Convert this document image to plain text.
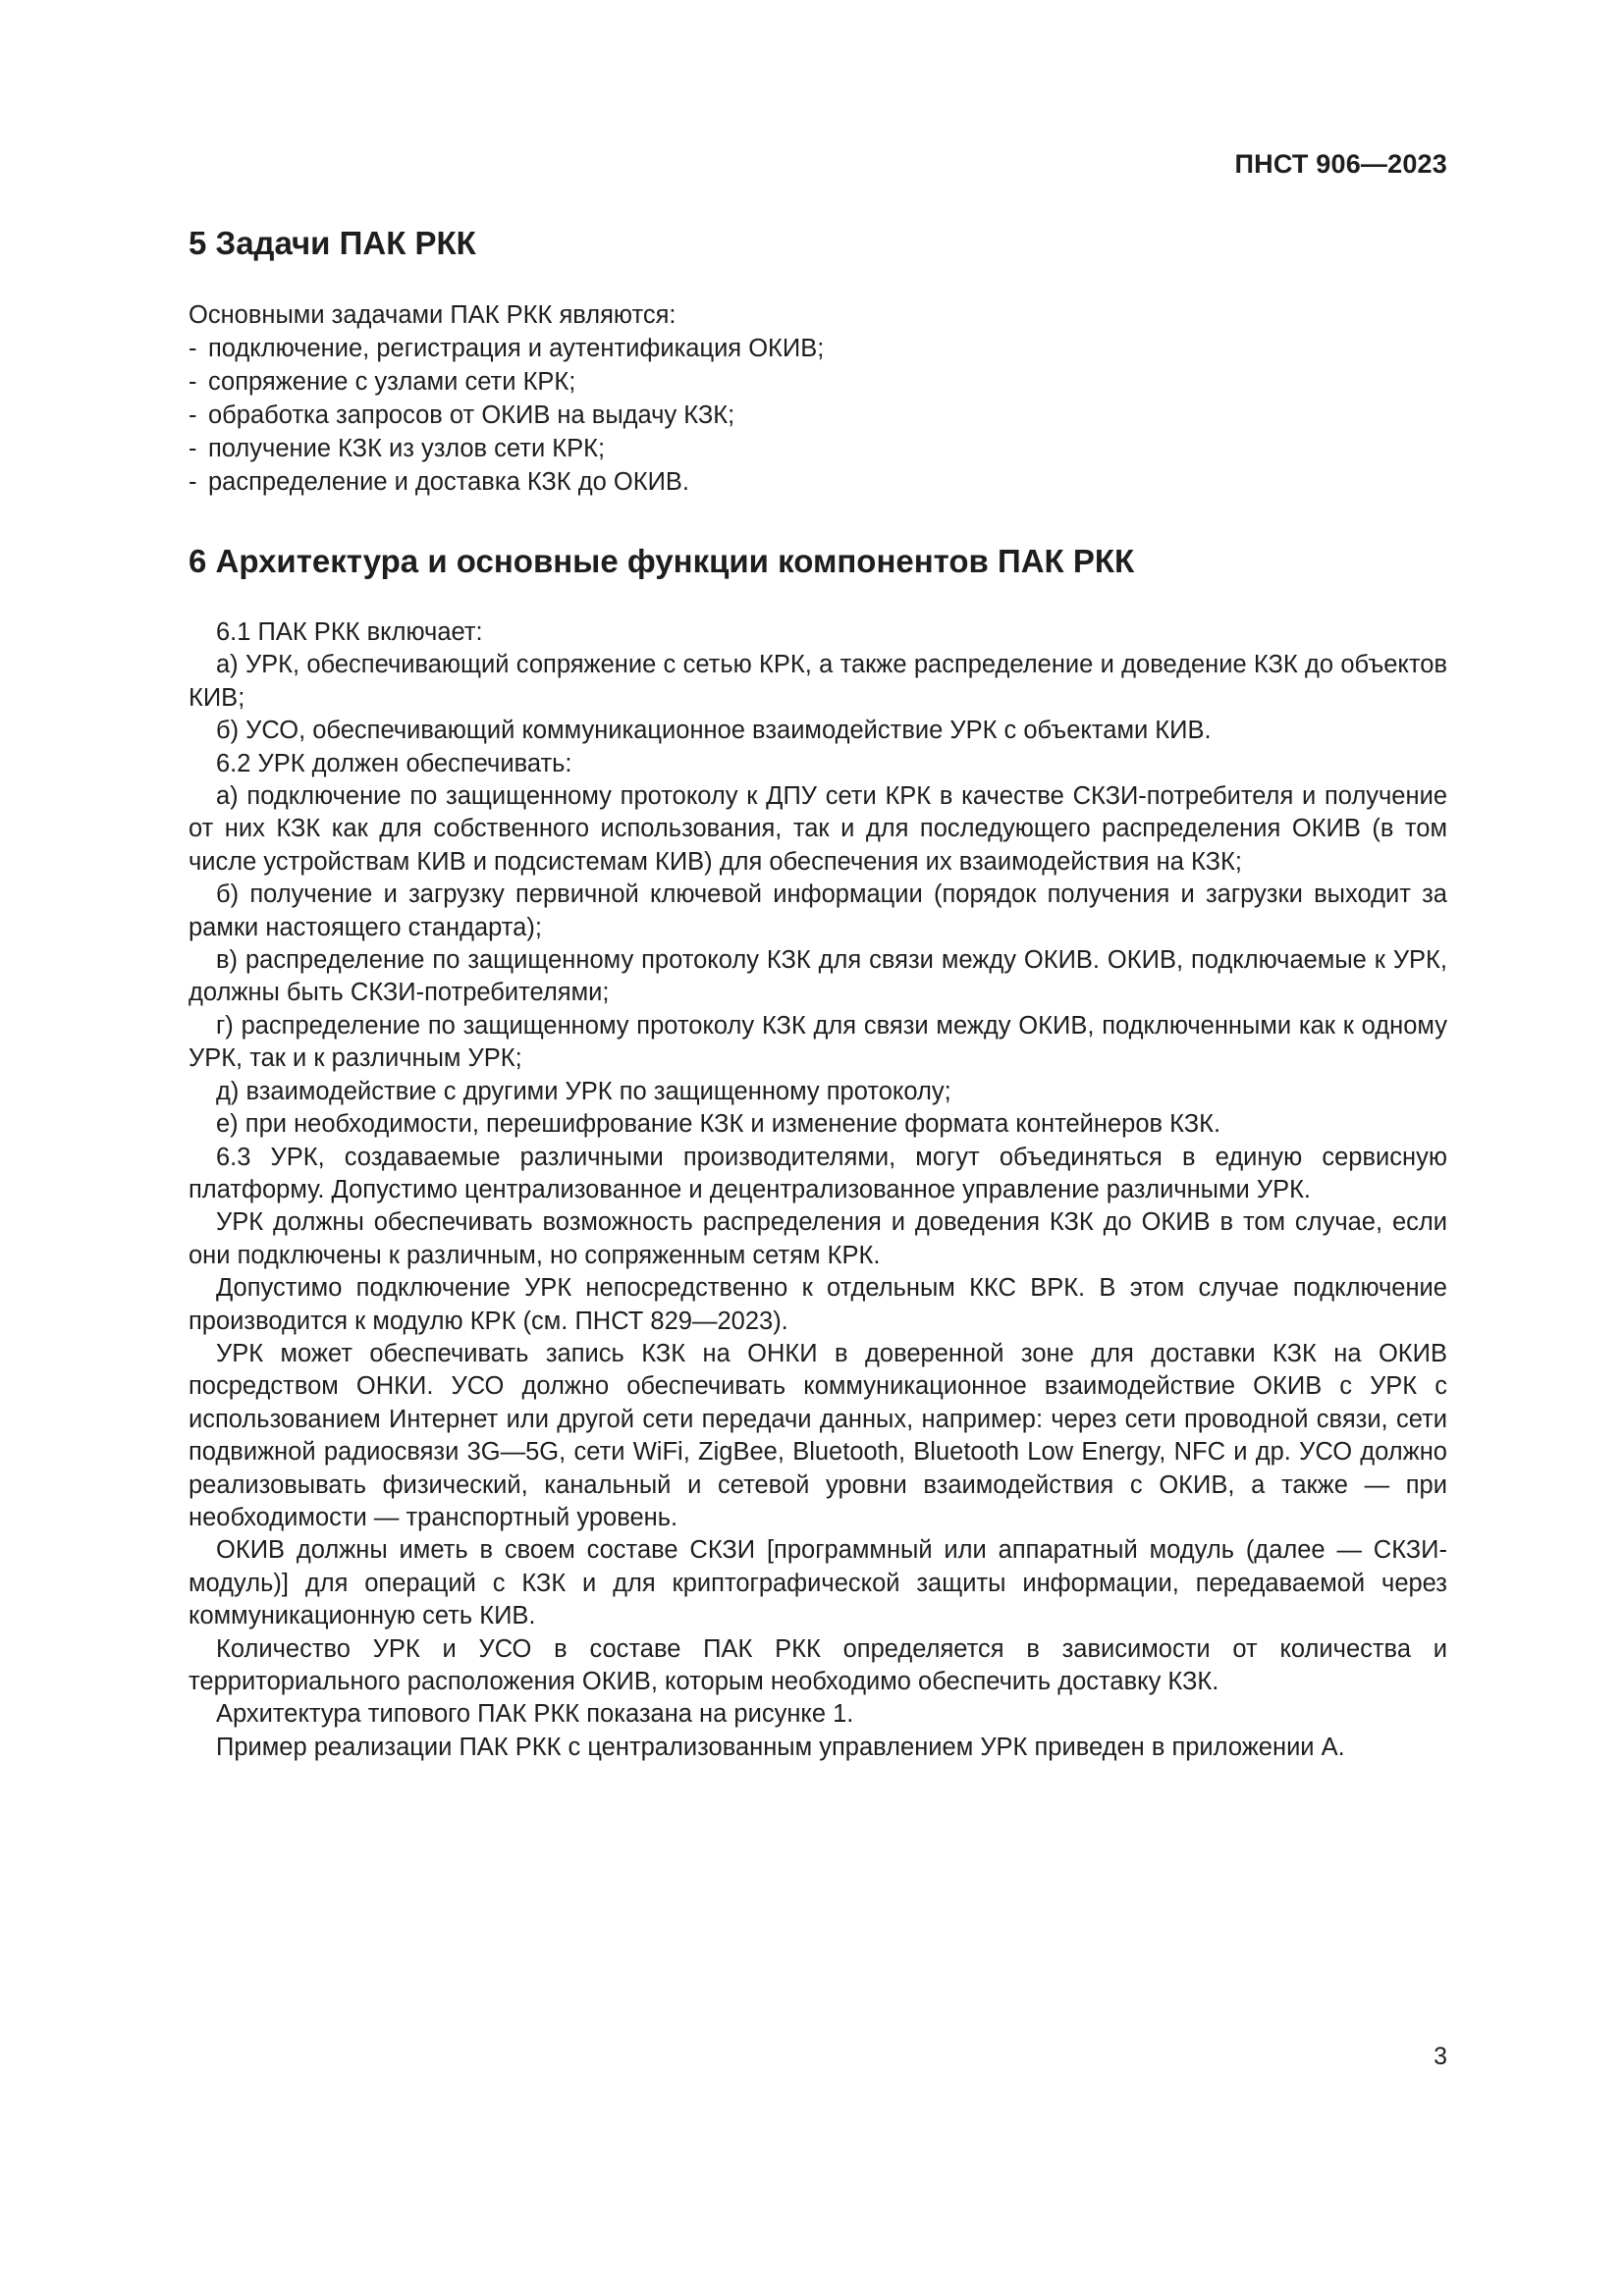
ПНСТ 906—2023
5 Задачи ПАК РКК

Основными задачами ПАК РКК являются:

- подключение, регистрация и аутентификация ОКИВ;
- сопряжение с узлами сети КРК;
- обработка запросов от ОКИВ на выдачу КЗК;
- получение КЗК из узлов сети КРК;
- распределение и доставка КЗК до ОКИВ.
6 Архитектура и основные функции компонентов ПАК РКК

6.1 ПАК РКК включает:

а) УРК, обеспечивающий сопряжение с сетью КРК, а также распределение и доведение КЗК до объектов КИВ;

б) УСО, обеспечивающий коммуникационное взаимодействие УРК с объектами КИВ.

6.2 УРК должен обеспечивать:

а) подключение по защищенному протоколу к ДПУ сети КРК в качестве СКЗИ-потребителя и получение от них КЗК как для собственного использования, так и для последующего распределения ОКИВ (в том числе устройствам КИВ и подсистемам КИВ) для обеспечения их взаимодействия на КЗК;

б) получение и загрузку первичной ключевой информации (порядок получения и загрузки выходит за рамки настоящего стандарта);

в) распределение по защищенному протоколу КЗК для связи между ОКИВ. ОКИВ, подключаемые к УРК, должны быть СКЗИ-потребителями;

г) распределение по защищенному протоколу КЗК для связи между ОКИВ, подключенными как к одному УРК, так и к различным УРК;

д) взаимодействие с другими УРК по защищенному протоколу;

е) при необходимости, перешифрование КЗК и изменение формата контейнеров КЗК.

6.3 УРК, создаваемые различными производителями, могут объединяться в единую сервисную платформу. Допустимо централизованное и децентрализованное управление различными УРК.

УРК должны обеспечивать возможность распределения и доведения КЗК до ОКИВ в том случае, если они подключены к различным, но сопряженным сетям КРК.

Допустимо подключение УРК непосредственно к отдельным ККС ВРК. В этом случае подключение производится к модулю КРК (см. ПНСТ 829—2023).

УРК может обеспечивать запись КЗК на ОНКИ в доверенной зоне для доставки КЗК на ОКИВ посредством ОНКИ. УСО должно обеспечивать коммуникационное взаимодействие ОКИВ с УРК с использованием Интернет или другой сети передачи данных, например: через сети проводной связи, сети подвижной радиосвязи 3G—5G, сети WiFi, ZigBee, Bluetooth, Bluetooth Low Energy, NFC и др. УСО должно реализовывать физический, канальный и сетевой уровни взаимодействия с ОКИВ, а также — при необходимости — транспортный уровень.

ОКИВ должны иметь в своем составе СКЗИ [программный или аппаратный модуль (далее — СКЗИ-модуль)] для операций с КЗК и для криптографической защиты информации, передаваемой через коммуникационную сеть КИВ.

Количество УРК и УСО в составе ПАК РКК определяется в зависимости от количества и территориального расположения ОКИВ, которым необходимо обеспечить доставку КЗК.

Архитектура типового ПАК РКК показана на рисунке 1.

Пример реализации ПАК РКК с централизованным управлением УРК приведен в приложении А.

3
